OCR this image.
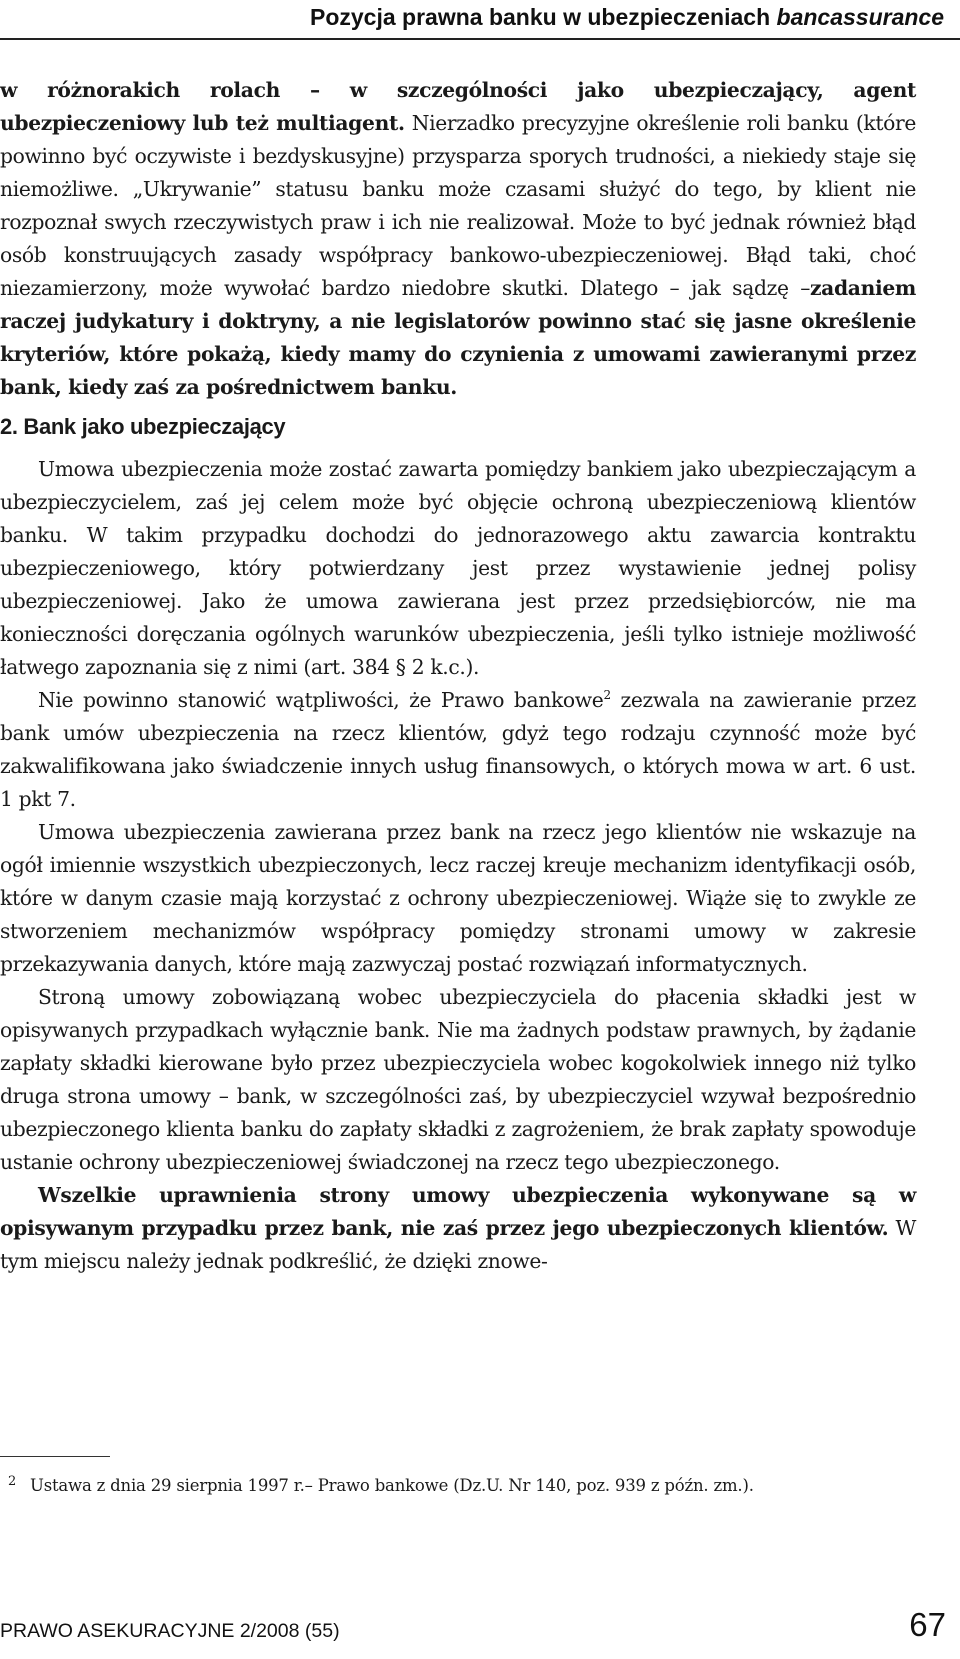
Pozycja prawna banku w ubezpieczeniach bancassurance

w różnorakich rolach – w szczególności jako ubezpieczający, agent ubezpieczeniowy lub też multiagent. Nierzadko precyzyjne określenie roli banku (które powinno być oczywiste i bezdyskusyjne) przysparza sporych trudności, a niekiedy staje się niemożliwe. „Ukrywanie” statusu banku może czasami służyć do tego, by klient nie rozpoznał swych rzeczywistych praw i ich nie realizował. Może to być jednak również błąd osób konstruujących zasady współpracy bankowo-ubezpieczeniowej. Błąd taki, choć niezamierzony, może wywołać bardzo niedobre skutki. Dlatego – jak sądzę –zadaniem raczej judykatury i doktryny, a nie legislatorów powinno stać się jasne określenie kryteriów, które pokażą, kiedy mamy do czynienia z umowami zawieranymi przez bank, kiedy zaś za pośrednictwem banku.

2. Bank jako ubezpieczający

Umowa ubezpieczenia może zostać zawarta pomiędzy bankiem jako ubezpieczającym a ubezpieczycielem, zaś jej celem może być objęcie ochroną ubezpieczeniową klientów banku. W takim przypadku dochodzi do jednorazowego aktu zawarcia kontraktu ubezpieczeniowego, który potwierdzany jest przez wystawienie jednej polisy ubezpieczeniowej. Jako że umowa zawierana jest przez przedsiębiorców, nie ma konieczności doręczania ogólnych warunków ubezpieczenia, jeśli tylko istnieje możliwość łatwego zapoznania się z nimi (art. 384 § 2 k.c.).

Nie powinno stanowić wątpliwości, że Prawo bankowe$^2$ zezwala na zawieranie przez bank umów ubezpieczenia na rzecz klientów, gdyż tego rodzaju czynność może być zakwalifikowana jako świadczenie innych usług finansowych, o których mowa w art. 6 ust. 1 pkt 7.

Umowa ubezpieczenia zawierana przez bank na rzecz jego klientów nie wskazuje na ogół imiennie wszystkich ubezpieczonych, lecz raczej kreuje mechanizm identyfikacji osób, które w danym czasie mają korzystać z ochrony ubezpieczeniowej. Wiąże się to zwykle ze stworzeniem mechanizmów współpracy pomiędzy stronami umowy w zakresie przekazywania danych, które mają zazwyczaj postać rozwiązań informatycznych.

Stroną umowy zobowiązaną wobec ubezpieczyciela do płacenia składki jest w opisywanych przypadkach wyłącznie bank. Nie ma żadnych podstaw prawnych, by żądanie zapłaty składki kierowane było przez ubezpieczyciela wobec kogokolwiek innego niż tylko druga strona umowy – bank, w szczególności zaś, by ubezpieczyciel wzywał bezpośrednio ubezpieczonego klienta banku do zapłaty składki z zagrożeniem, że brak zapłaty spowoduje ustanie ochrony ubezpieczeniowej świadczonej na rzecz tego ubezpieczonego.

Wszelkie uprawnienia strony umowy ubezpieczenia wykonywane są w opisywanym przypadku przez bank, nie zaś przez jego ubezpieczonych klientów. W tym miejscu należy jednak podkreślić, że dzięki znowe-

2 Ustawa z dnia 29 sierpnia 1997 r.– Prawo bankowe (Dz.U. Nr 140, poz. 939 z późn. zm.).
PRAWO ASEKURACYJNE 2/2008 (55)	67
